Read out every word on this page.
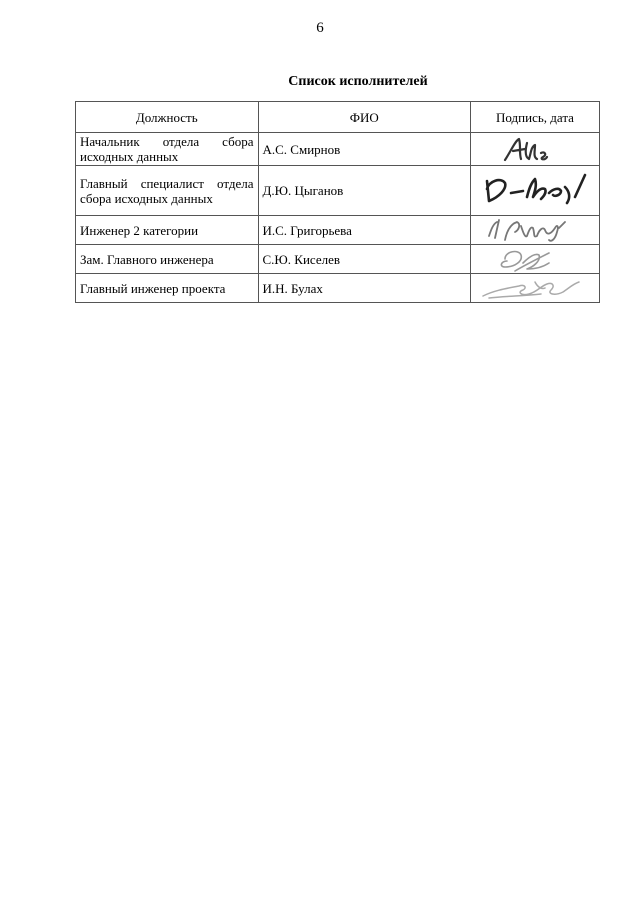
6
Список исполнителей
Должность	ФИО	Подпись, дата
Начальник отдела сбора исходных данных	А.С. Смирнов	

Главный специалист отдела сбора исходных данных	Д.Ю. Цыганов	

Инженер 2 категории	И.С. Григорьева	

Зам. Главного инженера	С.Ю. Киселев	

Главный инженер проекта	И.Н. Булах	
